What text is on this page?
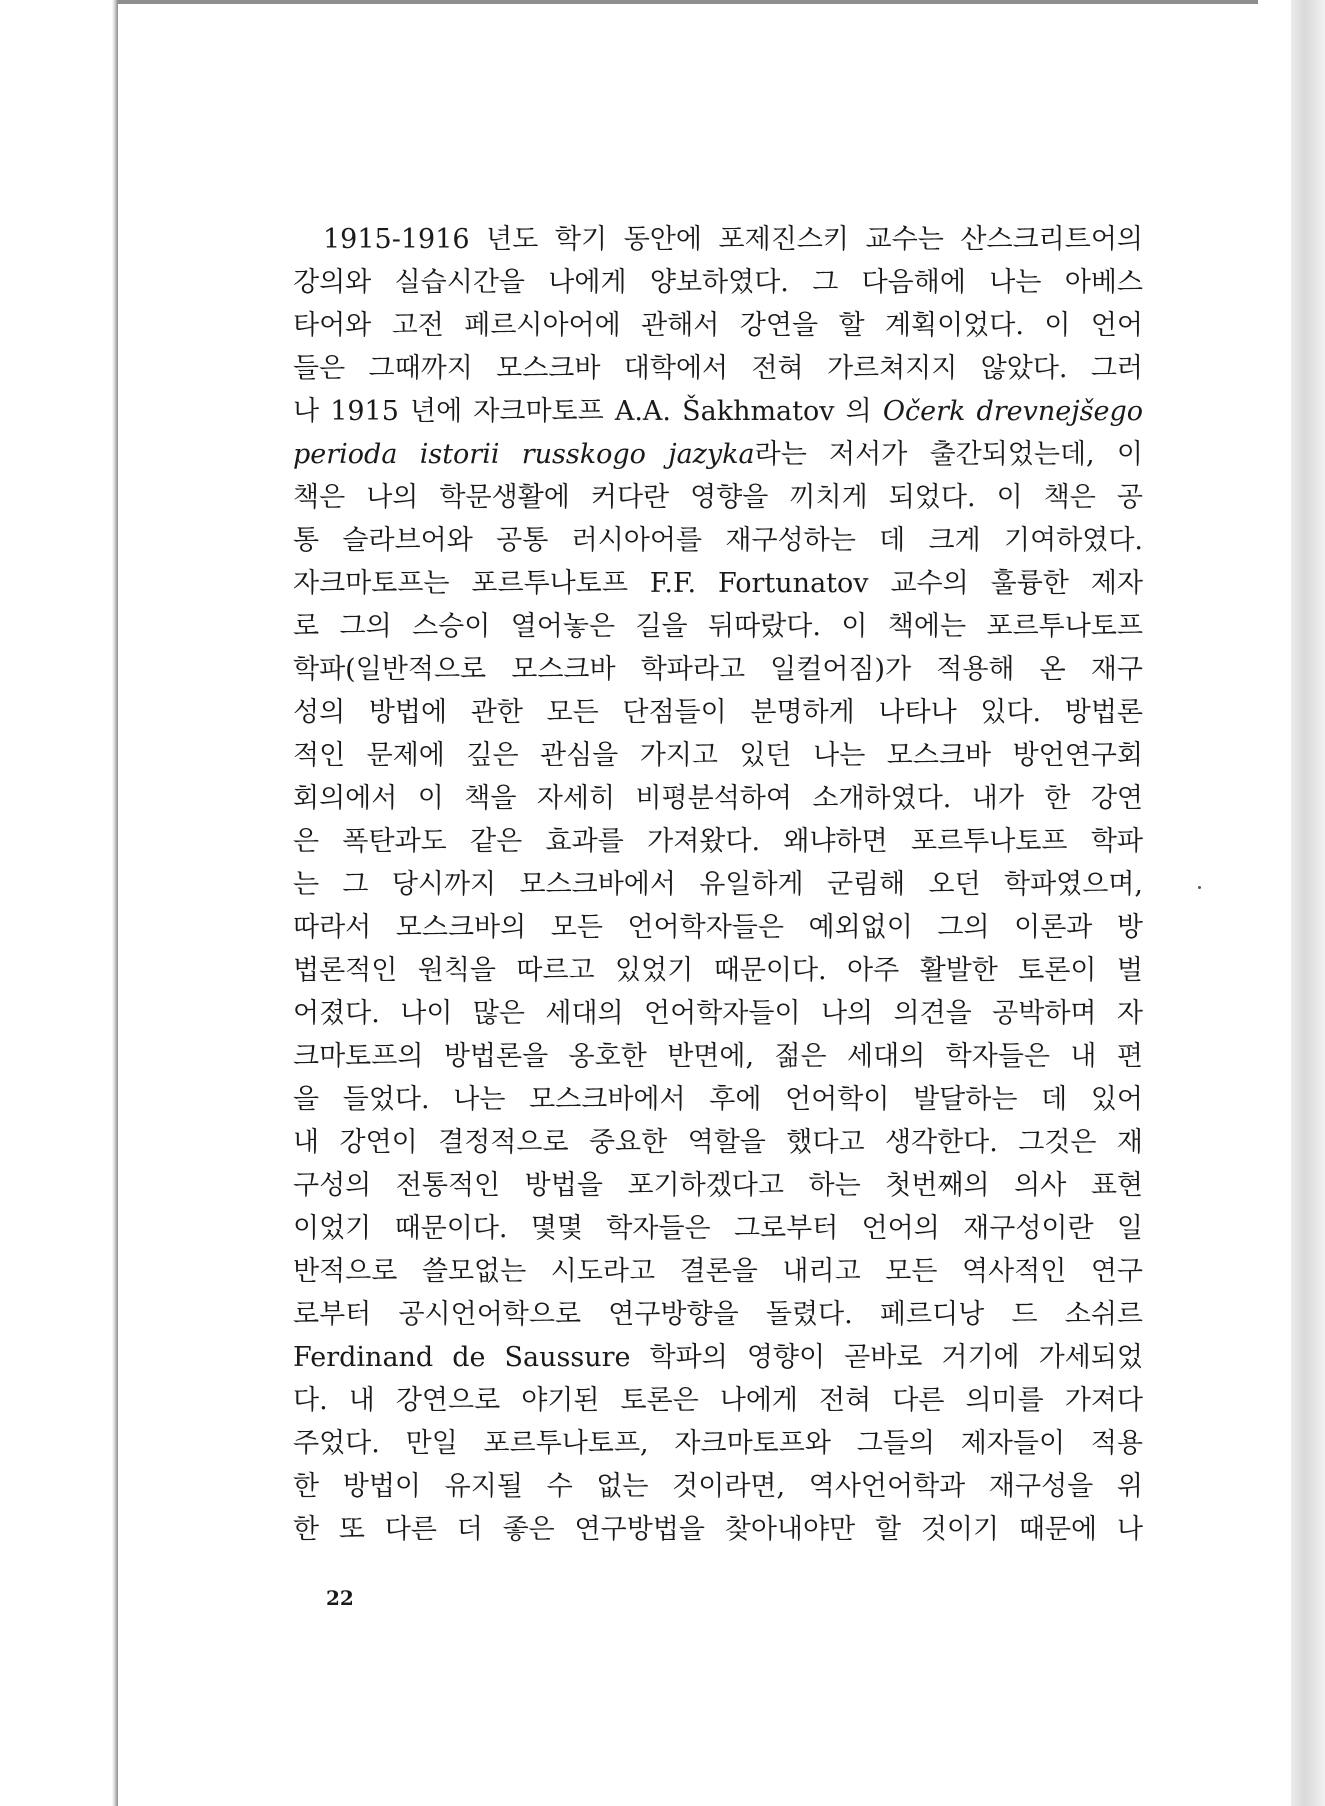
1915-1916 년도 학기 동안에 포제진스키 교수는 산스크리트어의
강의와 실습시간을 나에게 양보하였다. 그 다음해에 나는 아베스
타어와 고전 페르시아어에 관해서 강연을 할 계획이었다. 이 언어
들은 그때까지 모스크바 대학에서 전혀 가르쳐지지 않았다. 그러
나 1915 년에 자크마토프 A.A. Šakhmatov 의 Očerk drevnejšego
perioda istorii russkogo jazyka라는 저서가 출간되었는데, 이
책은 나의 학문생활에 커다란 영향을 끼치게 되었다. 이 책은 공
통 슬라브어와 공통 러시아어를 재구성하는 데 크게 기여하였다.
자크마토프는 포르투나토프 F.F. Fortunatov 교수의 훌륭한 제자
로 그의 스승이 열어놓은 길을 뒤따랐다. 이 책에는 포르투나토프
학파(일반적으로 모스크바 학파라고 일컬어짐)가 적용해 온 재구
성의 방법에 관한 모든 단점들이 분명하게 나타나 있다. 방법론
적인 문제에 깊은 관심을 가지고 있던 나는 모스크바 방언연구회
회의에서 이 책을 자세히 비평분석하여 소개하였다. 내가 한 강연
은 폭탄과도 같은 효과를 가져왔다. 왜냐하면 포르투나토프 학파
는 그 당시까지 모스크바에서 유일하게 군림해 오던 학파였으며,
따라서 모스크바의 모든 언어학자들은 예외없이 그의 이론과 방
법론적인 원칙을 따르고 있었기 때문이다. 아주 활발한 토론이 벌
어졌다. 나이 많은 세대의 언어학자들이 나의 의견을 공박하며 자
크마토프의 방법론을 옹호한 반면에, 젊은 세대의 학자들은 내 편
을 들었다. 나는 모스크바에서 후에 언어학이 발달하는 데 있어
내 강연이 결정적으로 중요한 역할을 했다고 생각한다. 그것은 재
구성의 전통적인 방법을 포기하겠다고 하는 첫번째의 의사 표현
이었기 때문이다. 몇몇 학자들은 그로부터 언어의 재구성이란 일
반적으로 쓸모없는 시도라고 결론을 내리고 모든 역사적인 연구
로부터 공시언어학으로 연구방향을 돌렸다. 페르디낭 드 소쉬르
Ferdinand de Saussure 학파의 영향이 곧바로 거기에 가세되었
다. 내 강연으로 야기된 토론은 나에게 전혀 다른 의미를 가져다
주었다. 만일 포르투나토프, 자크마토프와 그들의 제자들이 적용
한 방법이 유지될 수 없는 것이라면, 역사언어학과 재구성을 위
한 또 다른 더 좋은 연구방법을 찾아내야만 할 것이기 때문에 나
22
